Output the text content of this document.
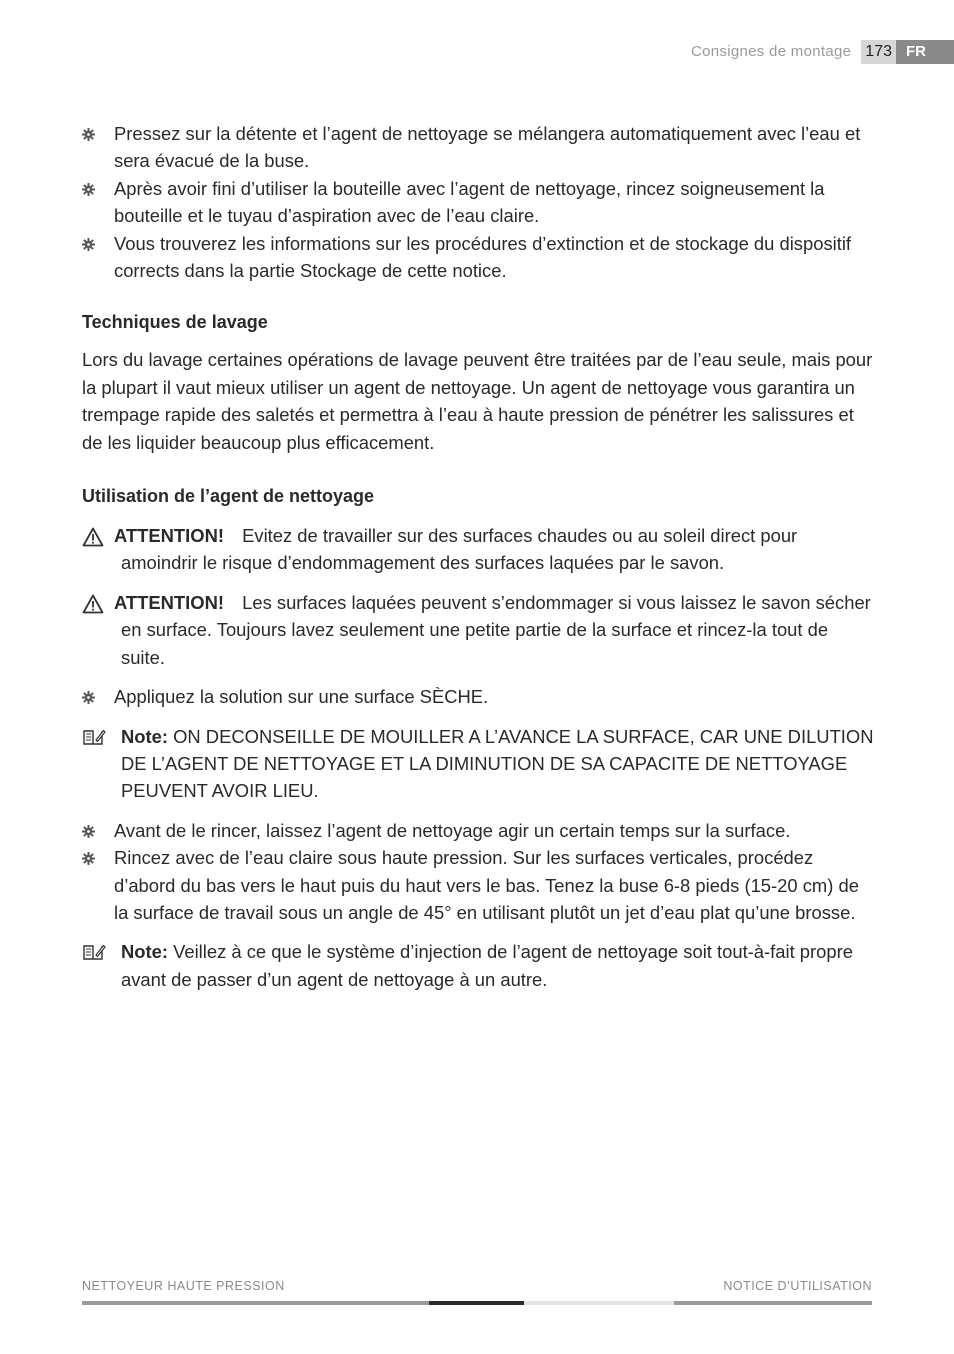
Consignes de montage 173 FR
Pressez sur la détente et l’agent de nettoyage se mélangera automatiquement avec l’eau et sera évacué de la buse.
Après avoir fini d’utiliser la bouteille avec l’agent de nettoyage, rincez soigneusement la bouteille et le tuyau d’aspiration avec de l’eau claire.
Vous trouverez les informations sur les procédures d’extinction et de stockage du dispositif corrects dans la partie Stockage de cette notice.
Techniques de lavage

Lors du lavage certaines opérations de lavage peuvent être traitées par de l’eau seule, mais pour la plupart il vaut mieux utiliser un agent de nettoyage. Un agent de nettoyage vous garantira un trempage rapide des saletés et permettra à l’eau à haute pression de pénétrer les salissures et de les liquider beaucoup plus efficacement.

Utilisation de l’agent de nettoyage
ATTENTION! Evitez de travailler sur des surfaces chaudes ou au soleil direct pour amoindrir le risque d’endommagement des surfaces laquées par le savon.
ATTENTION! Les surfaces laquées peuvent s’endommager si vous laissez le savon sécher en surface. Toujours lavez seulement une petite partie de la surface et rincez-la tout de suite.
Appliquez la solution sur une surface SÈCHE.
Note: ON DECONSEILLE DE MOUILLER A L’AVANCE LA SURFACE, CAR UNE DILUTION DE L’AGENT DE NETTOYAGE ET LA DIMINUTION DE SA CAPACITE DE NETTOYAGE PEUVENT AVOIR LIEU.
Avant de le rincer, laissez l’agent de nettoyage agir un certain temps sur la surface.
Rincez avec de l’eau claire sous haute pression. Sur les surfaces verticales, procédez d’abord du bas vers le haut puis du haut vers le bas. Tenez la buse 6-8 pieds (15-20 cm) de la surface de travail sous un angle de 45° en utilisant plutôt un jet d’eau plat qu’une brosse.
Note: Veillez à ce que le système d’injection de l’agent de nettoyage soit tout-à-fait propre avant de passer d’un agent de nettoyage à un autre.
NETTOYEUR HAUTE PRESSION	NOTICE D’UTILISATION
